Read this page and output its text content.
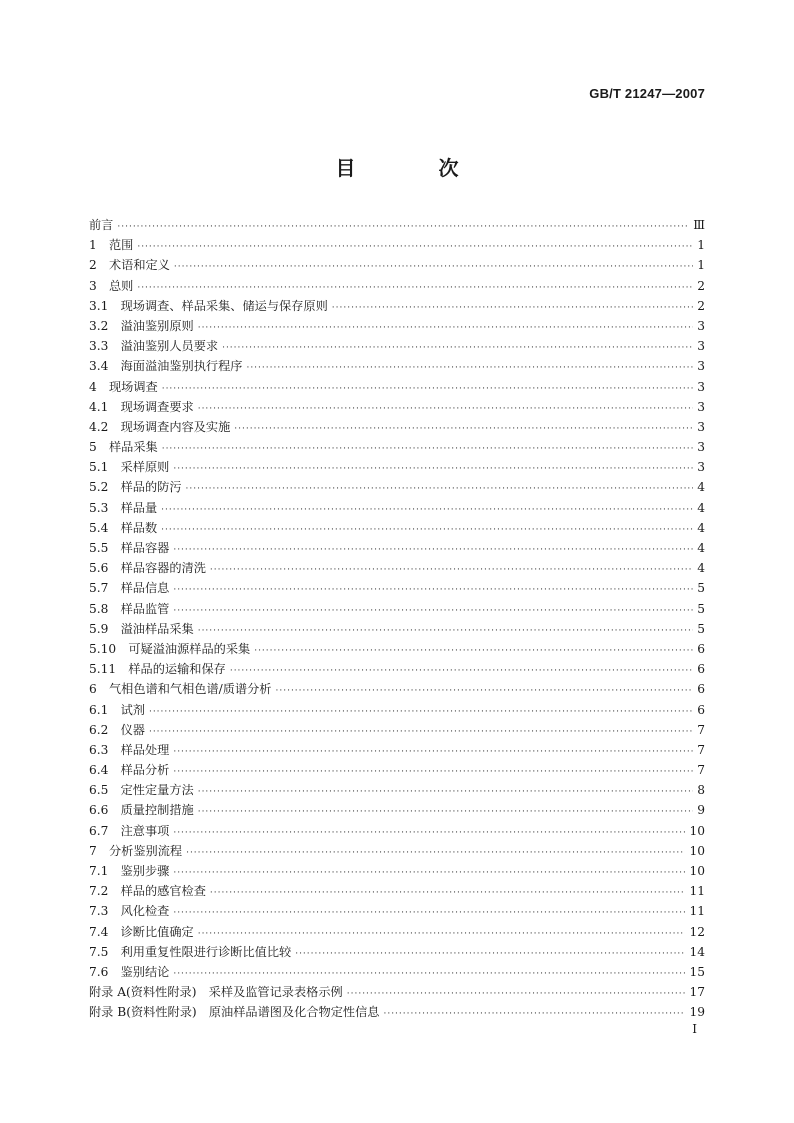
GB/T 21247—2007
目 次
前言 ·····	Ⅲ
1　范围 ·····	1
2　术语和定义 ·····	1
3　总则 ·····	2
3.1　现场调查、样品采集、储运与保存原则 ·····	2
3.2　溢油鉴别原则 ·····	3
3.3　溢油鉴别人员要求 ·····	3
3.4　海面溢油鉴别执行程序 ·····	3
4　现场调查 ·····	3
4.1　现场调查要求 ·····	3
4.2　现场调查内容及实施 ·····	3
5　样品采集 ·····	3
5.1　采样原则 ·····	3
5.2　样品的防污 ·····	4
5.3　样品量 ·····	4
5.4　样品数 ·····	4
5.5　样品容器 ·····	4
5.6　样品容器的清洗 ·····	4
5.7　样品信息 ·····	5
5.8　样品监管 ·····	5
5.9　溢油样品采集 ·····	5
5.10　可疑溢油源样品的采集 ·····	6
5.11　样品的运输和保存 ·····	6
6　气相色谱和气相色谱/质谱分析 ·····	6
6.1　试剂 ·····	6
6.2　仪器 ·····	7
6.3　样品处理 ·····	7
6.4　样品分析 ·····	7
6.5　定性定量方法 ·····	8
6.6　质量控制措施 ·····	9
6.7　注意事项 ·····	10
7　分析鉴别流程 ·····	10
7.1　鉴别步骤 ·····	10
7.2　样品的感官检查 ·····	11
7.3　风化检查 ·····	11
7.4　诊断比值确定 ·····	12
7.5　利用重复性限进行诊断比值比较 ·····	14
7.6　鉴别结论 ·····	15
附录 A(资料性附录)　采样及监管记录表格示例 ·····	17
附录 B(资料性附录)　原油样品谱图及化合物定性信息 ·····	19
I
